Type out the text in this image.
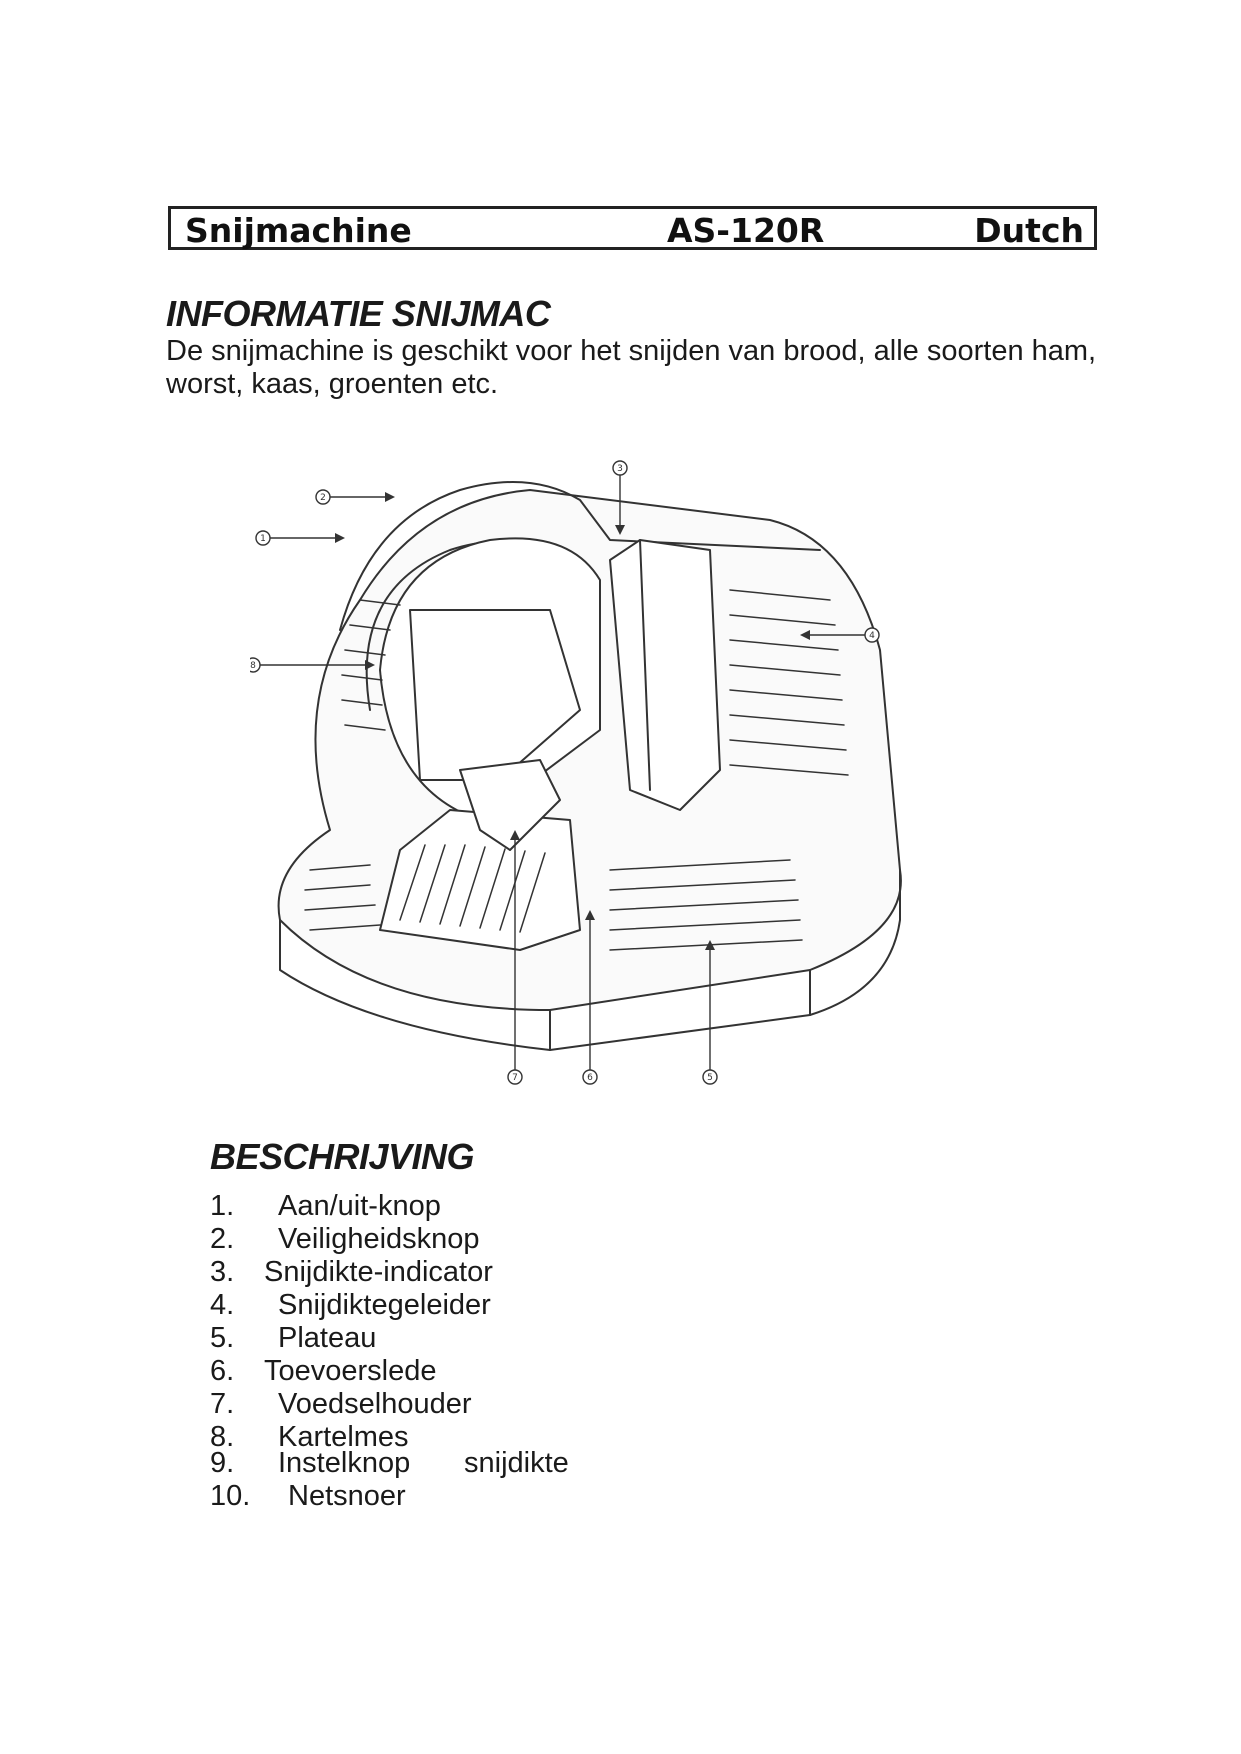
Snijmachine	AS-120R	Dutch
INFORMATIE SNIJMAC
De snijmachine is geschikt voor het snijden van brood, alle soorten ham, worst, kaas, groenten etc.
1
2
3
4
5
6
7
8
BESCHRIJVING
1. Aan/uit-knop
2. Veiligheidsknop
3. Snijdikte-indicator
4. Snijdiktegeleider
5. Plateau
6. Toevoerslede
7. Voedselhouder
8. Kartelmes
9. Instelknop snijdikte
10. Netsnoer
